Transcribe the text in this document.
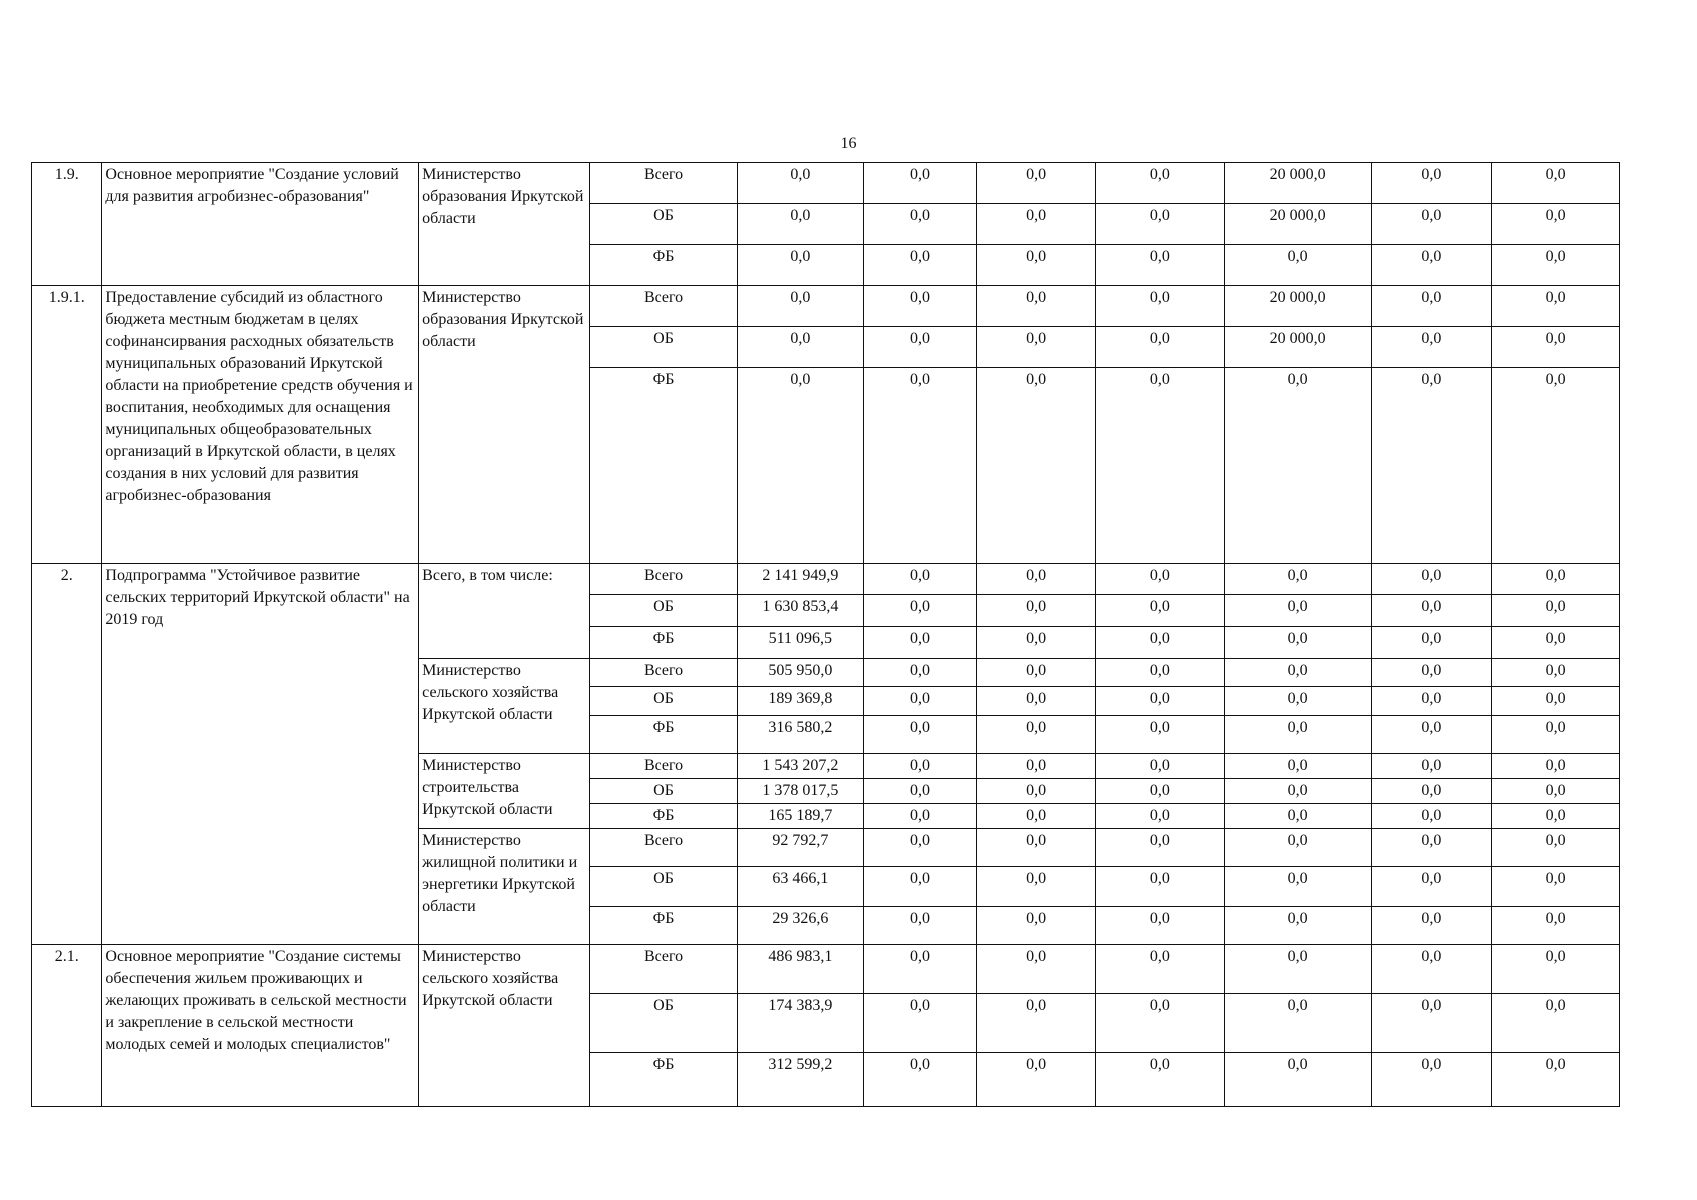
16
1.9.	Основное мероприятие "Создание условий для развития агробизнес-образования"	Министерство образования Иркутской области	Всего	0,0	0,0	0,0	0,0	20 000,0	0,0	0,0
			ОБ	0,0	0,0	0,0	0,0	20 000,0	0,0	0,0
			ФБ	0,0	0,0	0,0	0,0	0,0	0,0	0,0
1.9.1.	Предоставление субсидий из областного бюджета местным бюджетам в целях софинансирвания расходных обязательств муниципальных образований Иркутской области на приобретение средств обучения и воспитания, необходимых для оснащения муниципальных общеобразовательных организаций в Иркутской области, в целях создания в них условий для развития агробизнес-образования	Министерство образования Иркутской области	Всего	0,0	0,0	0,0	0,0	20 000,0	0,0	0,0
			ОБ	0,0	0,0	0,0	0,0	20 000,0	0,0	0,0
			ФБ	0,0	0,0	0,0	0,0	0,0	0,0	0,0
2.	Подпрограмма "Устойчивое развитие сельских территорий Иркутской области" на 2019 год	Всего, в том числе:	Всего	2 141 949,9	0,0	0,0	0,0	0,0	0,0	0,0
			ОБ	1 630 853,4	0,0	0,0	0,0	0,0	0,0	0,0
			ФБ	511 096,5	0,0	0,0	0,0	0,0	0,0	0,0
		Министерство сельского хозяйства Иркутской области	Всего	505 950,0	0,0	0,0	0,0	0,0	0,0	0,0
			ОБ	189 369,8	0,0	0,0	0,0	0,0	0,0	0,0
			ФБ	316 580,2	0,0	0,0	0,0	0,0	0,0	0,0
		Министерство строительства Иркутской области	Всего	1 543 207,2	0,0	0,0	0,0	0,0	0,0	0,0
			ОБ	1 378 017,5	0,0	0,0	0,0	0,0	0,0	0,0
			ФБ	165 189,7	0,0	0,0	0,0	0,0	0,0	0,0
		Министерство жилищной политики и энергетики Иркутской области	Всего	92 792,7	0,0	0,0	0,0	0,0	0,0	0,0
			ОБ	63 466,1	0,0	0,0	0,0	0,0	0,0	0,0
			ФБ	29 326,6	0,0	0,0	0,0	0,0	0,0	0,0
2.1.	Основное мероприятие "Создание системы обеспечения жильем проживающих и желающих проживать в сельской местности и закрепление в сельской местности молодых семей и молодых специалистов"	Министерство сельского хозяйства Иркутской области	Всего	486 983,1	0,0	0,0	0,0	0,0	0,0	0,0
			ОБ	174 383,9	0,0	0,0	0,0	0,0	0,0	0,0
			ФБ	312 599,2	0,0	0,0	0,0	0,0	0,0	0,0
